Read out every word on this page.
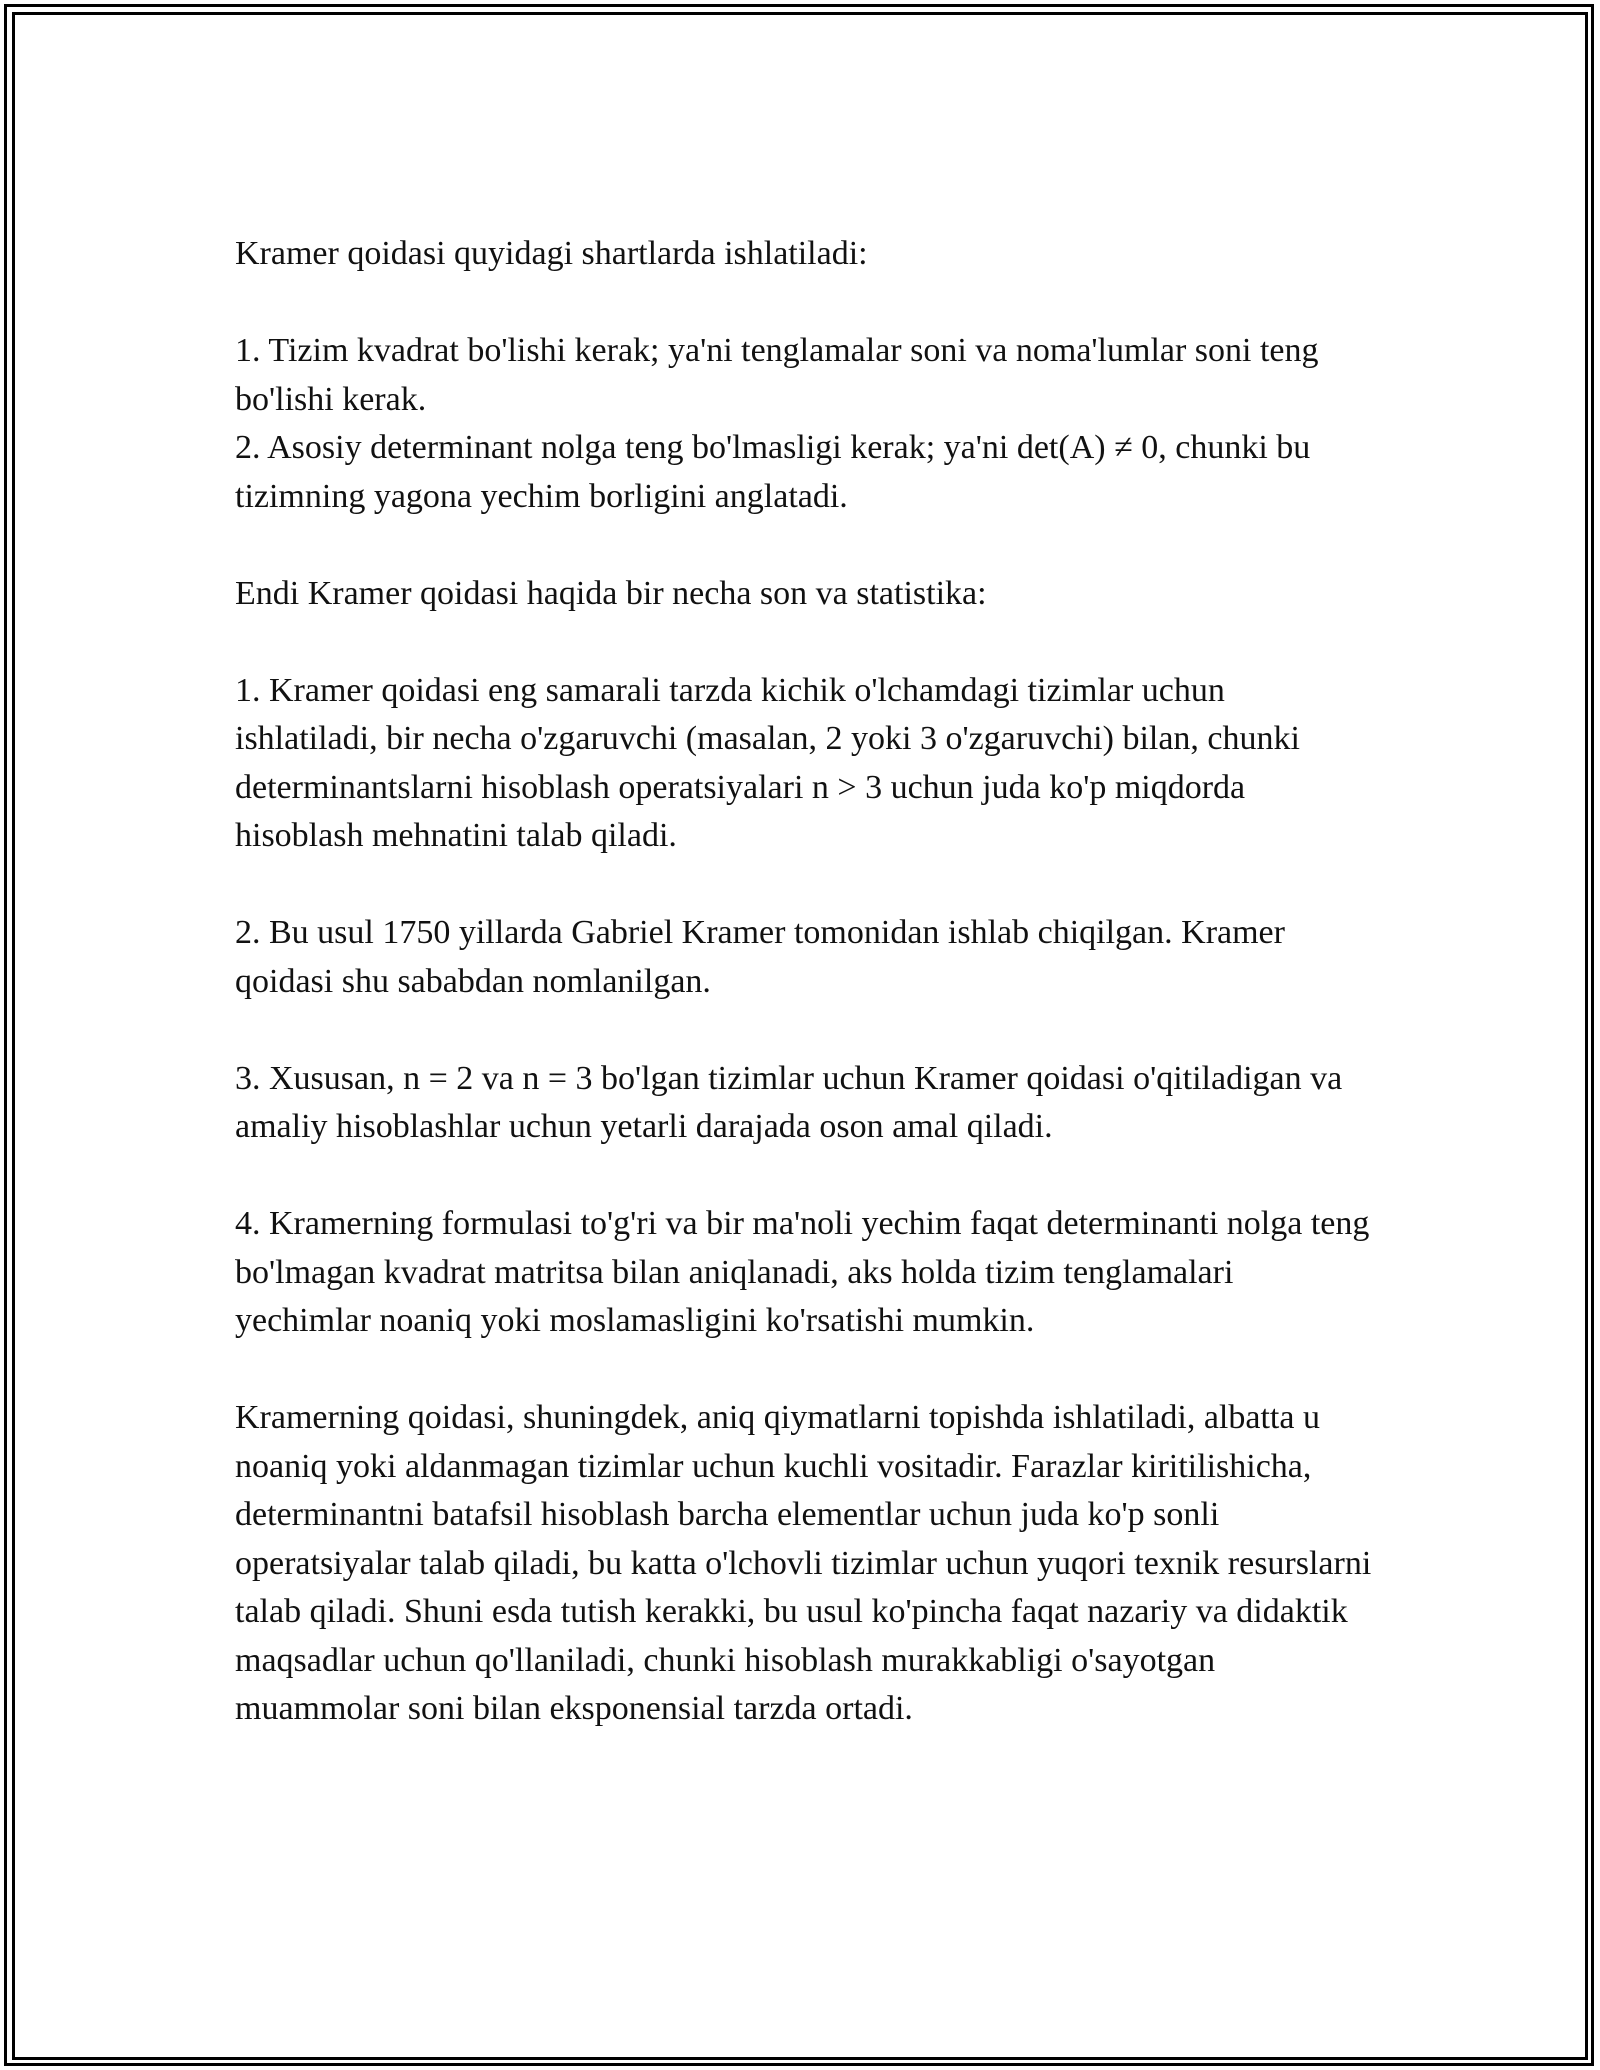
Kramer qoidasi quyidagi shartlarda ishlatiladi:

1. Tizim kvadrat bo'lishi kerak; ya'ni tenglamalar soni va noma'lumlar soni teng bo'lishi kerak.

2. Asosiy determinant nolga teng bo'lmasligi kerak; ya'ni det(A) ≠ 0, chunki bu tizimning yagona yechim borligini anglatadi.

Endi Kramer qoidasi haqida bir necha son va statistika:

1. Kramer qoidasi eng samarali tarzda kichik o'lchamdagi tizimlar uchun ishlatiladi, bir necha o'zgaruvchi (masalan, 2 yoki 3 o'zgaruvchi) bilan, chunki determinantslarni hisoblash operatsiyalari n > 3 uchun juda ko'p miqdorda hisoblash mehnatini talab qiladi.

2. Bu usul 1750 yillarda Gabriel Kramer tomonidan ishlab chiqilgan. Kramer qoidasi shu sababdan nomlanilgan.

3. Xususan, n = 2 va n = 3 bo'lgan tizimlar uchun Kramer qoidasi o'qitiladigan va amaliy hisoblashlar uchun yetarli darajada oson amal qiladi.

4. Kramerning formulasi to'g'ri va bir ma'noli yechim faqat determinanti nolga teng bo'lmagan kvadrat matritsa bilan aniqlanadi, aks holda tizim tenglamalari yechimlar noaniq yoki moslamasligini ko'rsatishi mumkin.

Kramerning qoidasi, shuningdek, aniq qiymatlarni topishda ishlatiladi, albatta u noaniq yoki aldanmagan tizimlar uchun kuchli vositadir. Farazlar kiritilishicha, determinantni batafsil hisoblash barcha elementlar uchun juda ko'p sonli operatsiyalar talab qiladi, bu katta o'lchovli tizimlar uchun yuqori texnik resurslarni talab qiladi. Shuni esda tutish kerakki, bu usul ko'pincha faqat nazariy va didaktik maqsadlar uchun qo'llaniladi, chunki hisoblash murakkabligi o'sayotgan muammolar soni bilan eksponensial tarzda ortadi.
